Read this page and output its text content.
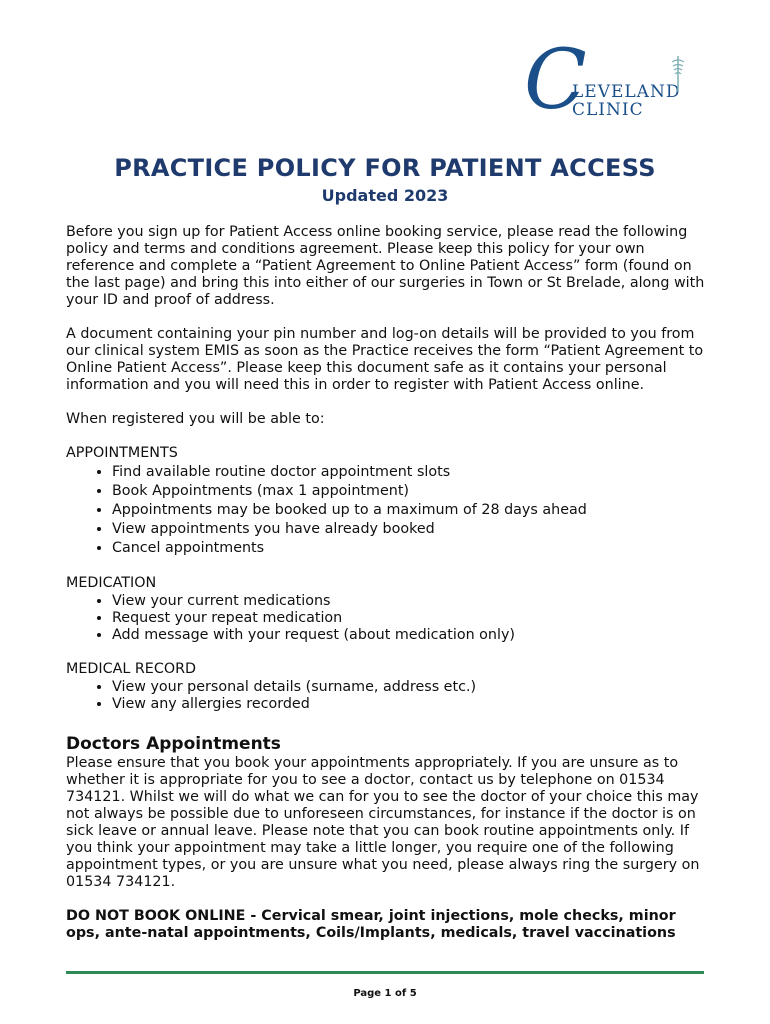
C
LEVELAND
CLINIC
PRACTICE POLICY FOR PATIENT ACCESS
Updated 2023

Before you sign up for Patient Access online booking service, please read the following policy and terms and conditions agreement. Please keep this policy for your own reference and complete a “Patient Agreement to Online Patient Access” form (found on the last page) and bring this into either of our surgeries in Town or St Brelade, along with your ID and proof of address.

A document containing your pin number and log-on details will be provided to you from our clinical system EMIS as soon as the Practice receives the form “Patient Agreement to Online Patient Access”. Please keep this document safe as it contains your personal information and you will need this in order to register with Patient Access online.

When registered you will be able to:

APPOINTMENTS

• Find available routine doctor appointment slots
• Book Appointments (max 1 appointment)
• Appointments may be booked up to a maximum of 28 days ahead
• View appointments you have already booked
• Cancel appointments

MEDICATION

• View your current medications
• Request your repeat medication
• Add message with your request (about medication only)

MEDICAL RECORD

• View your personal details (surname, address etc.)
• View any allergies recorded
Doctors Appointments

Please ensure that you book your appointments appropriately. If you are unsure as to whether it is appropriate for you to see a doctor, contact us by telephone on 01534 734121. Whilst we will do what we can for you to see the doctor of your choice this may not always be possible due to unforeseen circumstances, for instance if the doctor is on sick leave or annual leave. Please note that you can book routine appointments only. If you think your appointment may take a little longer, you require one of the following appointment types, or you are unsure what you need, please always ring the surgery on 01534 734121.

DO NOT BOOK ONLINE - Cervical smear, joint injections, mole checks, minor ops, ante-natal appointments, Coils/Implants, medicals, travel vaccinations

Page 1 of 5
